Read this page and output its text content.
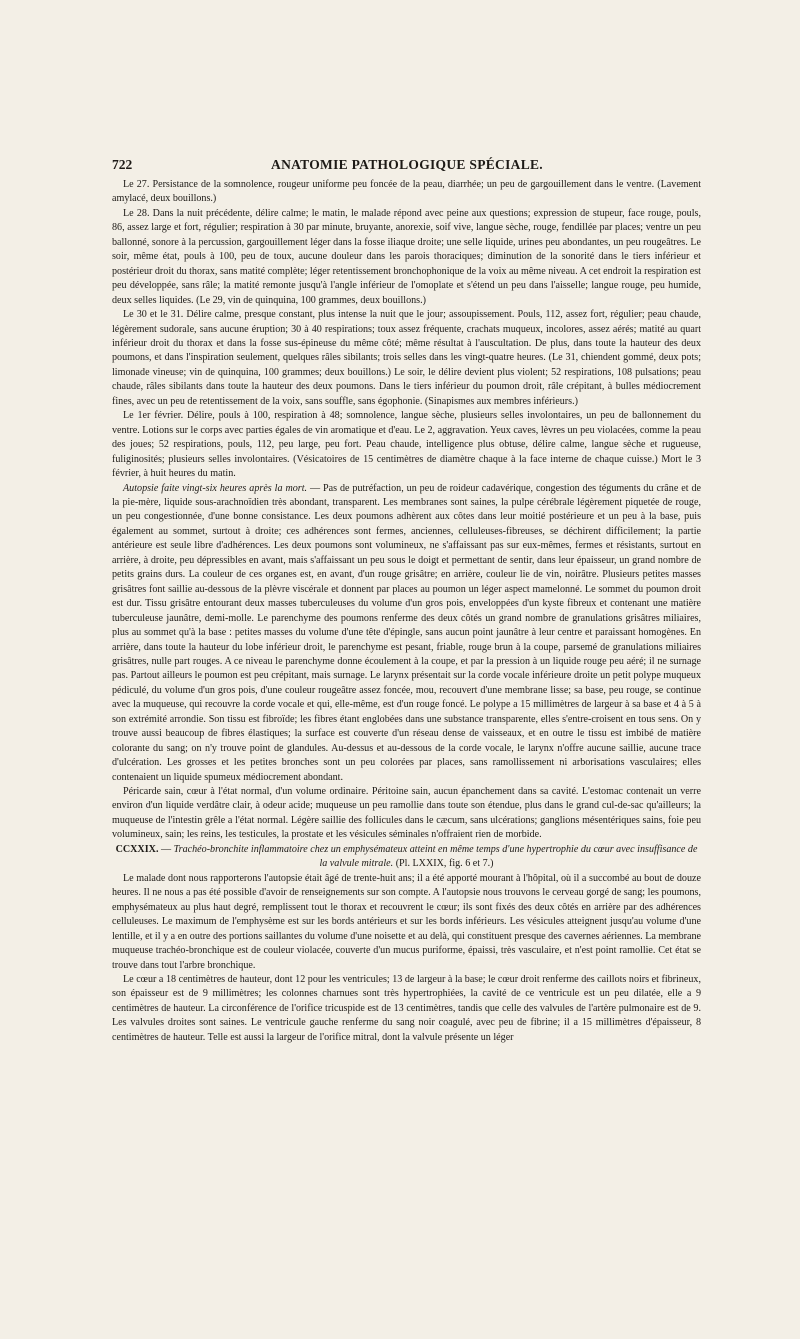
722	ANATOMIE PATHOLOGIQUE SPÉCIALE.

Le 27. Persistance de la somnolence, rougeur uniforme peu foncée de la peau, diarrhée; un peu de gargouillement dans le ventre. (Lavement amylacé, deux bouillons.)

Le 28. Dans la nuit précédente, délire calme; le matin, le malade répond avec peine aux questions; expression de stupeur, face rouge, pouls, 86, assez large et fort, régulier; respiration à 30 par minute, bruyante, anorexie, soif vive, langue sèche, rouge, fendillée par places; ventre un peu ballonné, sonore à la percussion, gargouillement léger dans la fosse iliaque droite; une selle liquide, urines peu abondantes, un peu rougeâtres. Le soir, même état, pouls à 100, peu de toux, aucune douleur dans les parois thoraciques; diminution de la sonorité dans le tiers inférieur et postérieur droit du thorax, sans matité complète; léger retentissement bronchophonique de la voix au même niveau. A cet endroit la respiration est peu développée, sans râle; la matité remonte jusqu'à l'angle inférieur de l'omoplate et s'étend un peu dans l'aisselle; langue rouge, peu humide, deux selles liquides. (Le 29, vin de quinquina, 100 grammes, deux bouillons.)

Le 30 et le 31. Délire calme, presque constant, plus intense la nuit que le jour; assoupissement. Pouls, 112, assez fort, régulier; peau chaude, légèrement sudorale, sans aucune éruption; 30 à 40 respirations; toux assez fréquente, crachats muqueux, incolores, assez aérés; matité au quart inférieur droit du thorax et dans la fosse sus-épineuse du même côté; même résultat à l'auscultation. De plus, dans toute la hauteur des deux poumons, et dans l'inspiration seulement, quelques râles sibilants; trois selles dans les vingt-quatre heures. (Le 31, chiendent gommé, deux pots; limonade vineuse; vin de quinquina, 100 grammes; deux bouillons.) Le soir, le délire devient plus violent; 52 respirations, 108 pulsations; peau chaude, râles sibilants dans toute la hauteur des deux poumons. Dans le tiers inférieur du poumon droit, râle crépitant, à bulles médiocrement fines, avec un peu de retentissement de la voix, sans souffle, sans égophonie. (Sinapismes aux membres inférieurs.)

Le 1er février. Délire, pouls à 100, respiration à 48; somnolence, langue sèche, plusieurs selles involontaires, un peu de ballonnement du ventre. Lotions sur le corps avec parties égales de vin aromatique et d'eau. Le 2, aggravation. Yeux caves, lèvres un peu violacées, comme la peau des joues; 52 respirations, pouls, 112, peu large, peu fort. Peau chaude, intelligence plus obtuse, délire calme, langue sèche et rugueuse, fuliginosités; plusieurs selles involontaires. (Vésicatoires de 15 centimètres de diamètre chaque à la face interne de chaque cuisse.) Mort le 3 février, à huit heures du matin.

Autopsie faite vingt-six heures après la mort. — Pas de putréfaction, un peu de roideur cadavérique, congestion des téguments du crâne et de la pie-mère, liquide sous-arachnoïdien très abondant, transparent. Les membranes sont saines, la pulpe cérébrale légèrement piquetée de rouge, un peu congestionnée, d'une bonne consistance. Les deux poumons adhèrent aux côtes dans leur moitié postérieure et un peu à la base, puis également au sommet, surtout à droite; ces adhérences sont fermes, anciennes, celluleuses-fibreuses, se déchirent difficilement; la partie antérieure est seule libre d'adhérences. Les deux poumons sont volumineux, ne s'affaissant pas sur eux-mêmes, fermes et résistants, surtout en arrière, à droite, peu dépressibles en avant, mais s'affaissant un peu sous le doigt et permettant de sentir, dans leur épaisseur, un grand nombre de petits grains durs. La couleur de ces organes est, en avant, d'un rouge grisâtre; en arrière, couleur lie de vin, noirâtre. Plusieurs petites masses grisâtres font saillie au-dessous de la plèvre viscérale et donnent par places au poumon un léger aspect mamelonné. Le sommet du poumon droit est dur. Tissu grisâtre entourant deux masses tuberculeuses du volume d'un gros pois, enveloppées d'un kyste fibreux et contenant une matière tuberculeuse jaunâtre, demi-molle. Le parenchyme des poumons renferme des deux côtés un grand nombre de granulations grisâtres miliaires, plus au sommet qu'à la base : petites masses du volume d'une tête d'épingle, sans aucun point jaunâtre à leur centre et paraissant homogènes. En arrière, dans toute la hauteur du lobe inférieur droit, le parenchyme est pesant, friable, rouge brun à la coupe, parsemé de granulations miliaires grisâtres, nulle part rouges. A ce niveau le parenchyme donne écoulement à la coupe, et par la pression à un liquide rouge peu aéré; il ne surnage pas. Partout ailleurs le poumon est peu crépitant, mais surnage. Le larynx présentait sur la corde vocale inférieure droite un petit polype muqueux pédiculé, du volume d'un gros pois, d'une couleur rougeâtre assez foncée, mou, recouvert d'une membrane lisse; sa base, peu rouge, se continue avec la muqueuse, qui recouvre la corde vocale et qui, elle-même, est d'un rouge foncé. Le polype a 15 millimètres de largeur à sa base et 4 à 5 à son extrémité arrondie. Son tissu est fibroïde; les fibres étant englobées dans une substance transparente, elles s'entre-croisent en tous sens. On y trouve aussi beaucoup de fibres élastiques; la surface est couverte d'un réseau dense de vaisseaux, et en outre le tissu est imbibé de matière colorante du sang; on n'y trouve point de glandules. Au-dessus et au-dessous de la corde vocale, le larynx n'offre aucune saillie, aucune trace d'ulcération. Les grosses et les petites bronches sont un peu colorées par places, sans ramollissement ni arborisations vasculaires; elles contenaient un liquide spumeux médiocrement abondant.

Péricarde sain, cœur à l'état normal, d'un volume ordinaire. Péritoine sain, aucun épanchement dans sa cavité. L'estomac contenait un verre environ d'un liquide verdâtre clair, à odeur acide; muqueuse un peu ramollie dans toute son étendue, plus dans le grand cul-de-sac qu'ailleurs; la muqueuse de l'intestin grêle a l'état normal. Légère saillie des follicules dans le cæcum, sans ulcérations; ganglions mésentériques sains, foie peu volumineux, sain; les reins, les testicules, la prostate et les vésicules séminales n'offraient rien de morbide.

CCXXIX. — Trachéo-bronchite inflammatoire chez un emphysémateux atteint en même temps d'une hypertrophie du cœur avec insuffisance de la valvule mitrale. (Pl. LXXIX, fig. 6 et 7.)

Le malade dont nous rapporterons l'autopsie était âgé de trente-huit ans; il a été apporté mourant à l'hôpital, où il a succombé au bout de douze heures. Il ne nous a pas été possible d'avoir de renseignements sur son compte. A l'autopsie nous trouvons le cerveau gorgé de sang; les poumons, emphysémateux au plus haut degré, remplissent tout le thorax et recouvrent le cœur; ils sont fixés des deux côtés en arrière par des adhérences celluleuses. Le maximum de l'emphysème est sur les bords antérieurs et sur les bords inférieurs. Les vésicules atteignent jusqu'au volume d'une lentille, et il y a en outre des portions saillantes du volume d'une noisette et au delà, qui constituent presque des cavernes aériennes. La membrane muqueuse trachéo-bronchique est de couleur violacée, couverte d'un mucus puriforme, épaissi, très vasculaire, et n'est point ramollie. Cet état se trouve dans tout l'arbre bronchique.

Le cœur a 18 centimètres de hauteur, dont 12 pour les ventricules; 13 de largeur à la base; le cœur droit renferme des caillots noirs et fibrineux, son épaisseur est de 9 millimètres; les colonnes charnues sont très hypertrophiées, la cavité de ce ventricule est un peu dilatée, elle a 9 centimètres de hauteur. La circonférence de l'orifice tricuspide est de 13 centimètres, tandis que celle des valvules de l'artère pulmonaire est de 9. Les valvules droites sont saines. Le ventricule gauche renferme du sang noir coagulé, avec peu de fibrine; il a 15 millimètres d'épaisseur, 8 centimètres de hauteur. Telle est aussi la largeur de l'orifice mitral, dont la valvule présente un léger
